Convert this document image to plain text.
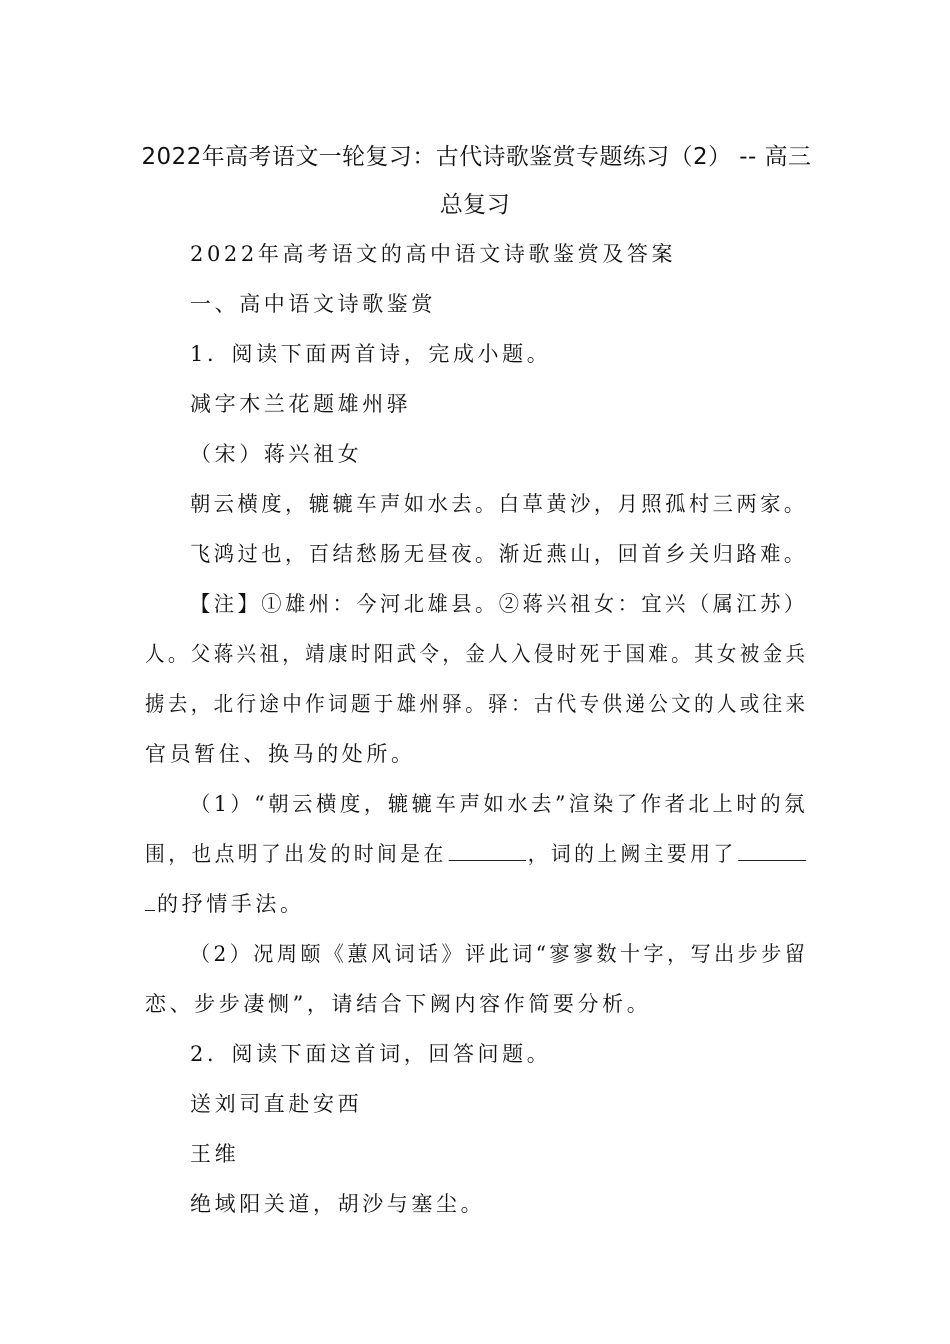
2022年高考语文一轮复习：古代诗歌鉴赏专题练习（2） -- 高三
总复习
2022年高考语文的高中语文诗歌鉴赏及答案
一、高中语文诗歌鉴赏
1．阅读下面两首诗，完成小题。
减字木兰花题雄州驿
（宋）蒋兴祖女
朝云横度，辘辘车声如水去。白草黄沙，月照孤村三两家。
飞鸿过也，百结愁肠无昼夜。渐近燕山，回首乡关归路难。
【注】①雄州：今河北雄县。②蒋兴祖女：宜兴（属江苏）
人。父蒋兴祖，靖康时阳武令，金人入侵时死于国难。其女被金兵
掳去，北行途中作词题于雄州驿。驿：古代专供递公文的人或往来
官员暂住、换马的处所。
（1）“朝云横度，辘辘车声如水去”渲染了作者北上时的氛
围，也点明了出发的时间是在	，词的上阙主要用了
的抒情手法。
（2）况周颐《蕙风词话》评此词“寥寥数十字，写出步步留
恋、步步凄恻”，请结合下阙内容作简要分析。
2．阅读下面这首词，回答问题。
送刘司直赴安西
王维
绝域阳关道，胡沙与塞尘。
